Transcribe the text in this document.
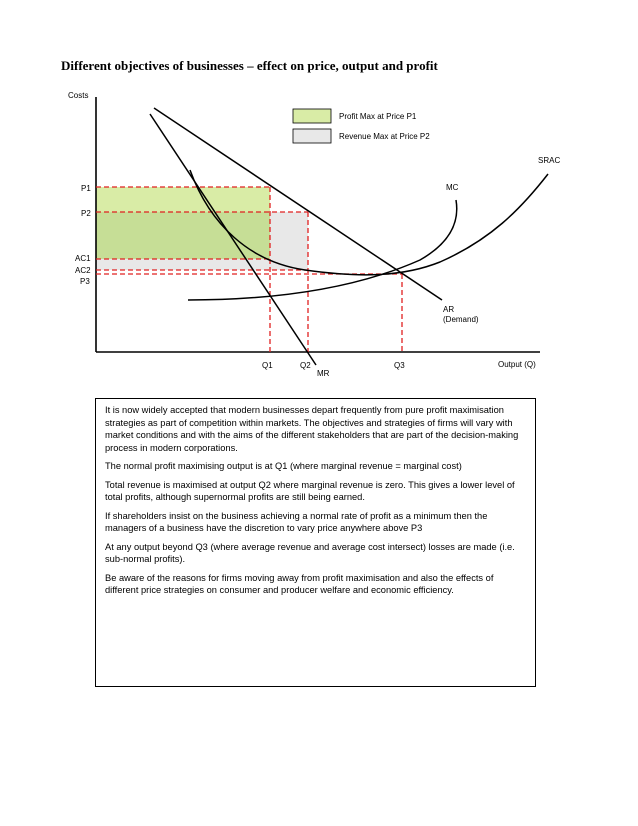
Different objectives of businesses – effect on price, output and profit
Profit Max at Price P1
Revenue Max at Price P2
Costs
Output (Q)
P1
P2
AC1
AC2
P3
Q1	Q2	Q3
SRAC
MC
MR
AR
(Demand)

It is now widely accepted that modern businesses depart frequently from pure profit maximisation strategies as part of competition within markets. The objectives and strategies of firms will vary with market conditions and with the aims of the different stakeholders that are part of the decision-making process in modern corporations.

The normal profit maximising output is at Q1 (where marginal revenue = marginal cost)

Total revenue is maximised at output Q2 where marginal revenue is zero. This gives a lower level of total profits, although supernormal profits are still being earned.

If shareholders insist on the business achieving a normal rate of profit as a minimum then the managers of a business have the discretion to vary price anywhere above P3

At any output beyond Q3 (where average revenue and average cost intersect) losses are made (i.e. sub-normal profits).

Be aware of the reasons for firms moving away from profit maximisation and also the effects of different price strategies on consumer and producer welfare and economic efficiency.
